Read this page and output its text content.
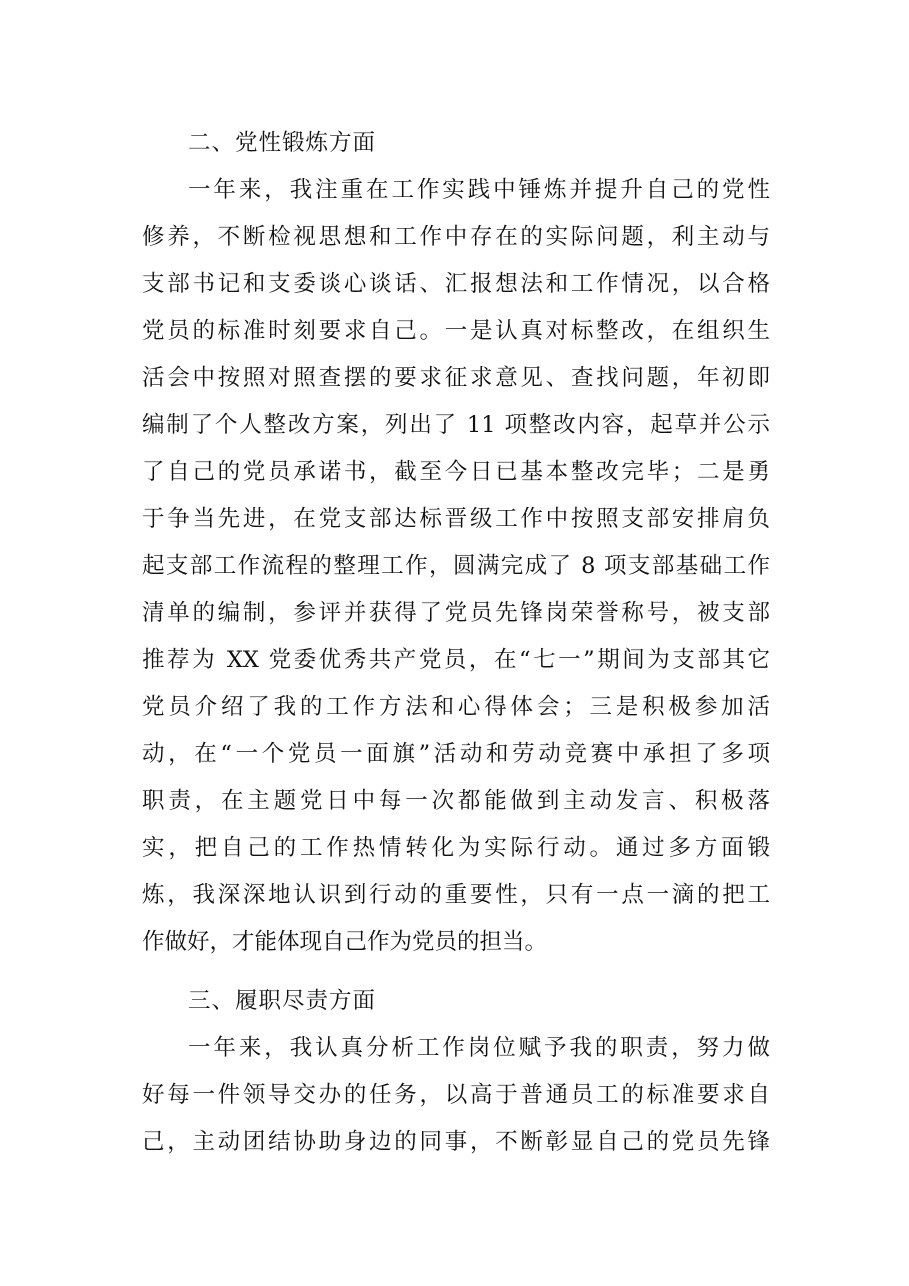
二、党性锻炼方面
一年来，我注重在工作实践中锤炼并提升自己的党性
修养，不断检视思想和工作中存在的实际问题，利主动与
支部书记和支委谈心谈话、汇报想法和工作情况，以合格
党员的标准时刻要求自己。一是认真对标整改，在组织生
活会中按照对照查摆的要求征求意见、查找问题，年初即
编制了个人整改方案，列出了 11 项整改内容，起草并公示
了自己的党员承诺书，截至今日已基本整改完毕；二是勇
于争当先进，在党支部达标晋级工作中按照支部安排肩负
起支部工作流程的整理工作，圆满完成了 8 项支部基础工作
清单的编制，参评并获得了党员先锋岗荣誉称号，被支部
推荐为 XX 党委优秀共产党员，在“七一”期间为支部其它
党员介绍了我的工作方法和心得体会；三是积极参加活
动，在“一个党员一面旗”活动和劳动竞赛中承担了多项
职责，在主题党日中每一次都能做到主动发言、积极落
实，把自己的工作热情转化为实际行动。通过多方面锻
炼，我深深地认识到行动的重要性，只有一点一滴的把工
作做好，才能体现自己作为党员的担当。
三、履职尽责方面
一年来，我认真分析工作岗位赋予我的职责，努力做
好每一件领导交办的任务，以高于普通员工的标准要求自
己，主动团结协助身边的同事，不断彰显自己的党员先锋
